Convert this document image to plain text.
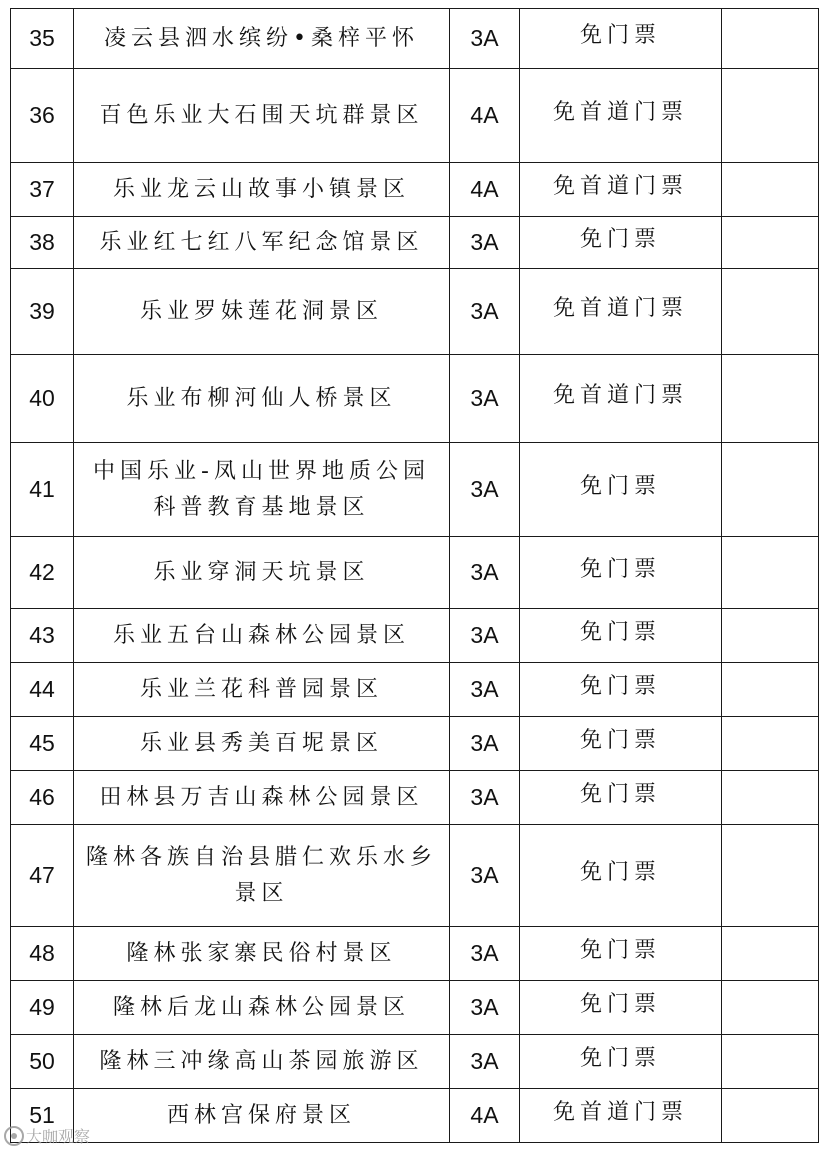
35	凌云县泗水缤纷•桑梓平怀	3A	免门票	
36	百色乐业大石围天坑群景区	4A	免首道门票	
37	乐业龙云山故事小镇景区	4A	免首道门票	
38	乐业红七红八军纪念馆景区	3A	免门票	
39	乐业罗妹莲花洞景区	3A	免首道门票	
40	乐业布柳河仙人桥景区	3A	免首道门票	
41	中国乐业-凤山世界地质公园科普教育基地景区	3A	免门票	
42	乐业穿洞天坑景区	3A	免门票	
43	乐业五台山森林公园景区	3A	免门票	
44	乐业兰花科普园景区	3A	免门票	
45	乐业县秀美百坭景区	3A	免门票	
46	田林县万吉山森林公园景区	3A	免门票	
47	隆林各族自治县腊仁欢乐水乡景区	3A	免门票	
48	隆林张家寨民俗村景区	3A	免门票	
49	隆林后龙山森林公园景区	3A	免门票	
50	隆林三冲缘高山茶园旅游区	3A	免门票	
51	西林宫保府景区	4A	免首道门票	
大咖观察
